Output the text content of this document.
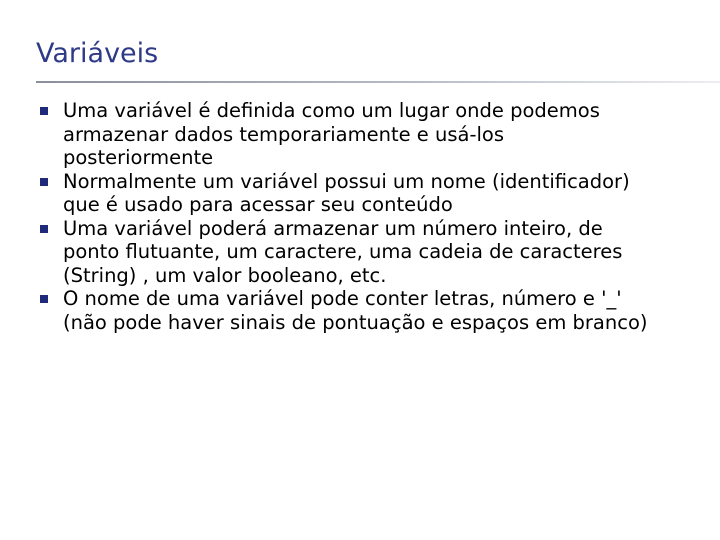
Variáveis
Uma variável é definida como um lugar onde podemos
armazenar dados temporariamente e usá-los
posteriormente
Normalmente um variável possui um nome (identificador)
que é usado para acessar seu conteúdo
Uma variável poderá armazenar um número inteiro, de
ponto flutuante, um caractere, uma cadeia de caracteres
(String) , um valor booleano, etc.
O nome de uma variável pode conter letras, número e '_'
(não pode haver sinais de pontuação e espaços em branco)
